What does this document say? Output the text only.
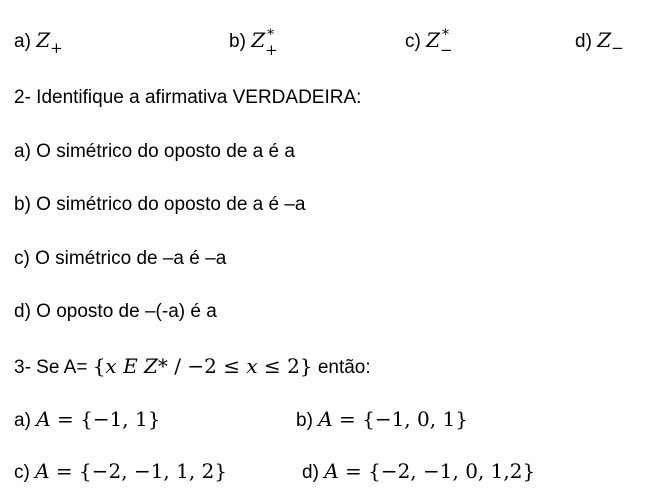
a) $Z_+$	b) Z *
+	c) Z *
−	d) $Z_-$
2- Identifique a afirmativa VERDADEIRA:
a) O simétrico do oposto de a é a
b) O simétrico do oposto de a é –a
c) O simétrico de –a é –a
d) O oposto de –(-a) é a
3- Se A= {𝑥 𝐸 𝑍* / −2 ≤ 𝑥 ≤ 2} então:
a) 𝐴 = {−1, 1}	b) 𝐴 = {−1, 0, 1}
c) 𝐴 = {−2, −1, 1, 2}	d) 𝐴 = {−2, −1, 0, 1,2}
